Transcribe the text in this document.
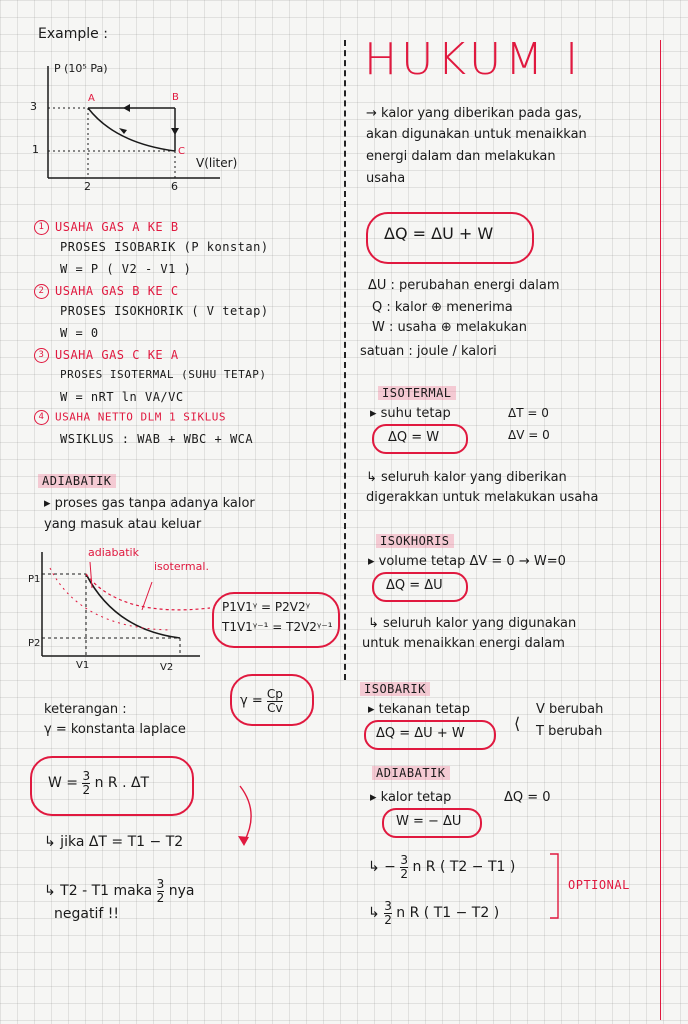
Example :
P (10⁵ Pa)
V(liter)
3
1
2	6
A	B
C
1 USAHA GAS A KE B
PROSES ISOBARIK (P konstan)
W = P ( V2 - V1 )
2 USAHA GAS B KE C
PROSES ISOKHORIK ( V tetap)
W = 0
3 USAHA GAS C KE A
PROSES ISOTERMAL (SUHU TETAP)
W = nRT ln VA/VC
4 USAHA NETTO DLM 1 SIKLUS
WSIKLUS : WAB + WBC + WCA
ADIABATIK
▸ proses gas tanpa adanya kalor
yang masuk atau keluar
adiabatik
isotermal.
P1
P2
V1	V2
P1V1ᵞ = P2V2ᵞ
T1V1ᵞ⁻¹ = T2V2ᵞ⁻¹
$\gamma = \frac{Cp}{Cv}$
keterangan :
γ = konstanta laplace
$W = \frac{3}{2}$ n R . ΔT
↳ jika ΔT = T1 − T2
↳ T2 - T1 maka $\frac{3}{2}$ nya
negatif !!
HUKUM I
→ kalor yang diberikan pada gas,
akan digunakan untuk menaikkan
energi dalam dan melakukan
usaha
ΔQ = ΔU + W
ΔU : perubahan energi dalam
Q : kalor ⊕ menerima
W : usaha ⊕ melakukan
satuan : joule / kalori
ISOTERMAL
▸ suhu tetap	ΔT = 0
ΔQ = W	ΔV = 0
↳ seluruh kalor yang diberikan
digerakkan untuk melakukan usaha
ISOKHORIS
▸ volume tetap ΔV = 0 → W=0
ΔQ = ΔU
↳ seluruh kalor yang digunakan
untuk menaikkan energi dalam
ISOBARIK
▸ tekanan tetap
ΔQ = ΔU + W
⟨
V berubah
T berubah
ADIABATIK
▸ kalor tetap	ΔQ = 0
W = − ΔU
↳ − $\frac{3}{2}$ n R ( T2 − T1 )
↳ $\frac{3}{2}$ n R ( T1 − T2 )
OPTIONAL
